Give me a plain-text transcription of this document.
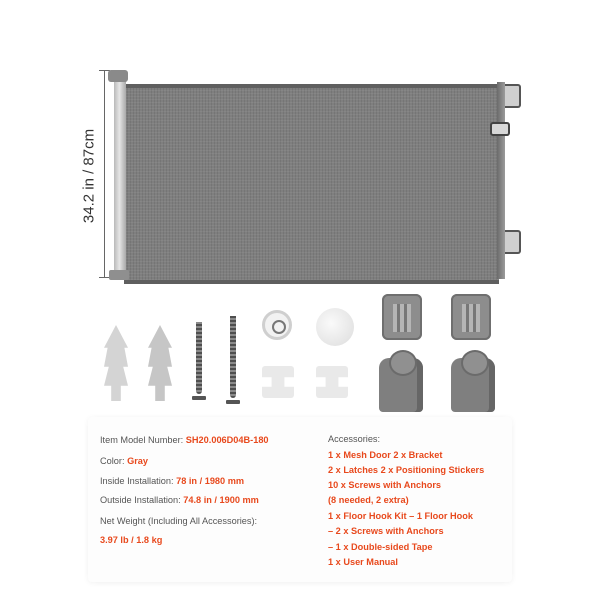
34.2 in / 87cm
Item Model Number: SH20.006D04B-180
Color: Gray
Inside Installation: 78 in / 1980 mm
Outside Installation: 74.8 in / 1900 mm
Net Weight (Including All Accessories):
3.97 lb / 1.8 kg
Accessories:
1 x Mesh Door 2 x Bracket
2 x Latches 2 x Positioning Stickers
10 x Screws with Anchors
(8 needed, 2 extra)
1 x Floor Hook Kit – 1 Floor Hook
– 2 x Screws with Anchors
– 1 x Double-sided Tape
1 x User Manual
